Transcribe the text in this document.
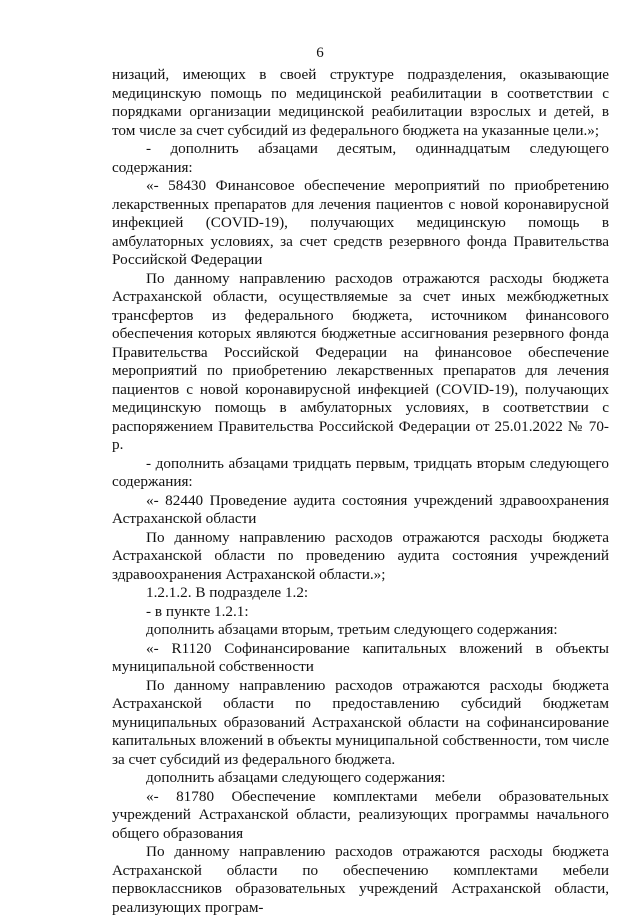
6

низаций, имеющих в своей структуре подразделения, оказывающие медицинскую помощь по медицинской реабилитации в соответствии с порядками организации медицинской реабилитации взрослых и детей, в том числе за счет субсидий из федерального бюджета на указанные цели.»;

- дополнить абзацами десятым, одиннадцатым следующего содержания:

«- 58430 Финансовое обеспечение мероприятий по приобретению лекарственных препаратов для лечения пациентов с новой коронавирусной инфекцией (COVID-19), получающих медицинскую помощь в амбулаторных условиях, за счет средств резервного фонда Правительства Российской Федерации

По данному направлению расходов отражаются расходы бюджета Астраханской области, осуществляемые за счет иных межбюджетных трансфертов из федерального бюджета, источником финансового обеспечения которых являются бюджетные ассигнования резервного фонда Правительства Российской Федерации на финансовое обеспечение мероприятий по приобретению лекарственных препаратов для лечения пациентов с новой коронавирусной инфекцией (COVID-19), получающих медицинскую помощь в амбулаторных условиях, в соответствии с распоряжением Правительства Российской Федерации от 25.01.2022 № 70-р.

- дополнить абзацами тридцать первым, тридцать вторым следующего содержания:

«- 82440 Проведение аудита состояния учреждений здравоохранения Астраханской области

По данному направлению расходов отражаются расходы бюджета Астраханской области по проведению аудита состояния учреждений здравоохранения Астраханской области.»;

1.2.1.2. В подразделе 1.2:

- в пункте 1.2.1:

дополнить абзацами вторым, третьим следующего содержания:

«- R1120 Софинансирование капитальных вложений в объекты муниципальной собственности

По данному направлению расходов отражаются расходы бюджета Астраханской области по предоставлению субсидий бюджетам муниципальных образований Астраханской области на софинансирование капитальных вложений в объекты муниципальной собственности, том числе за счет субсидий из федерального бюджета.

дополнить абзацами следующего содержания:

«- 81780 Обеспечение комплектами мебели образовательных учреждений Астраханской области, реализующих программы начального общего образования

По данному направлению расходов отражаются расходы бюджета Астраханской области по обеспечению комплектами мебели первоклассников образовательных учреждений Астраханской области, реализующих програм-
